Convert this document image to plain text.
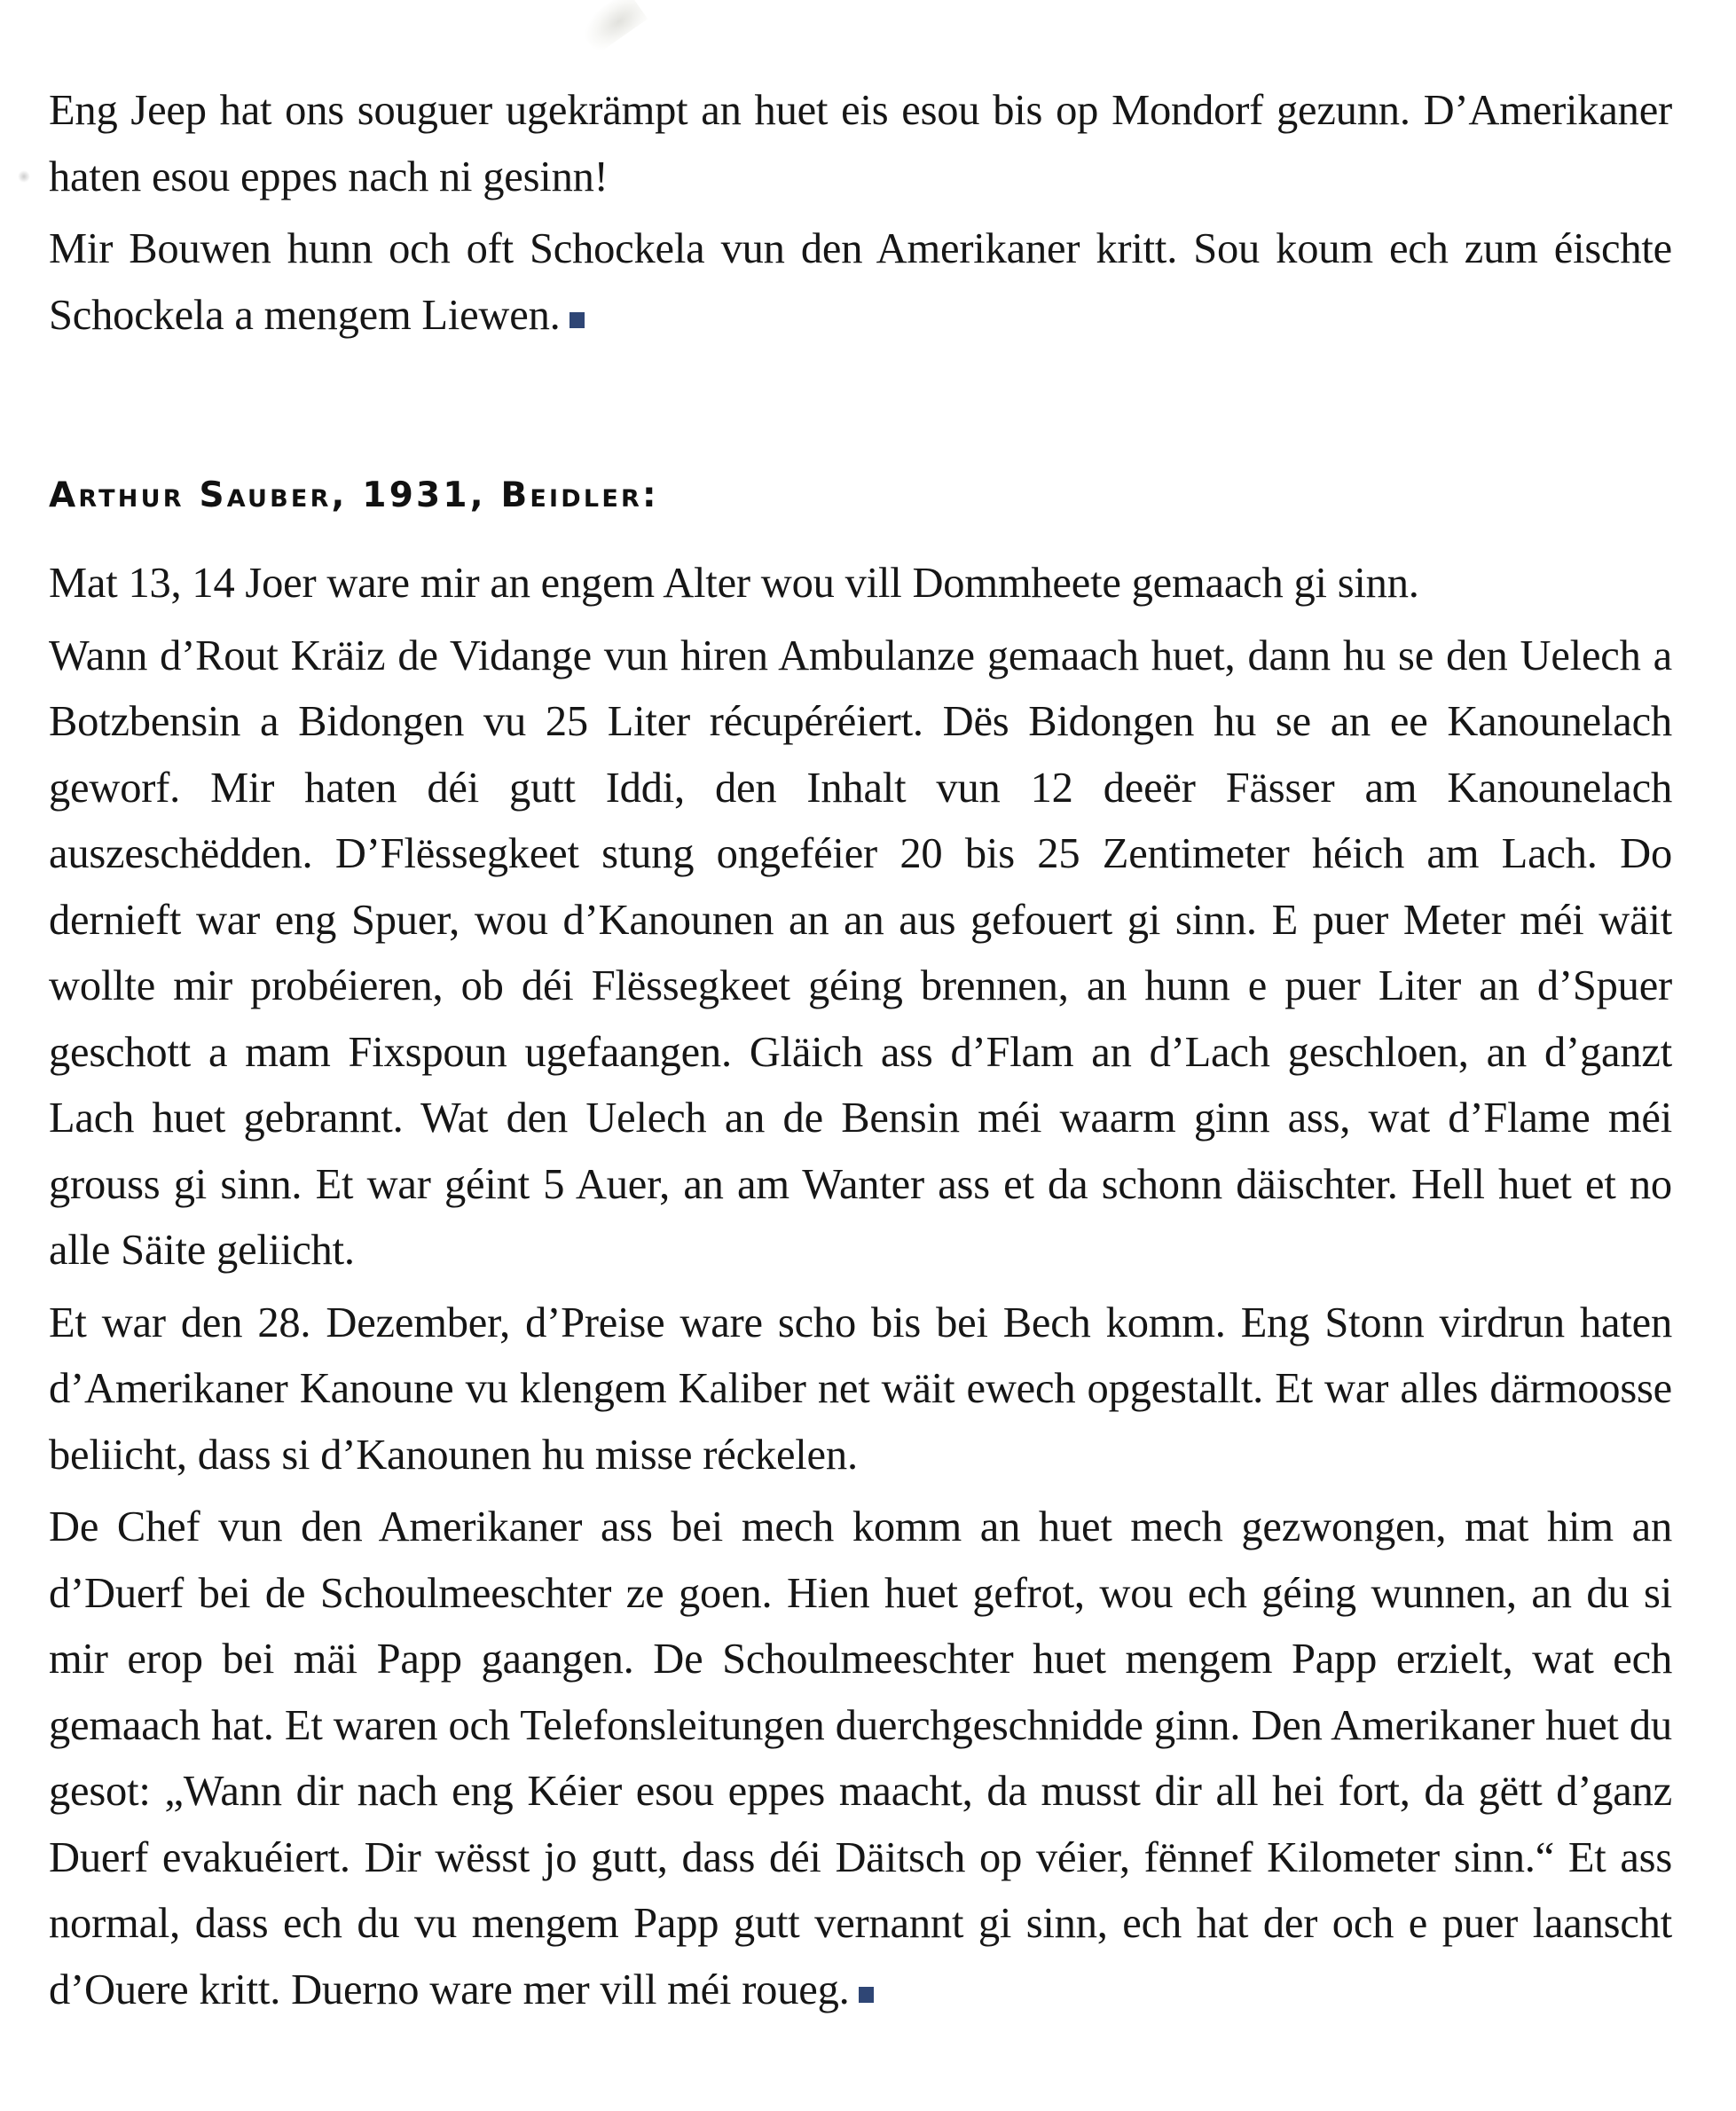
Eng Jeep hat ons souguer ugekrämpt an huet eis esou bis op Mondorf gezunn. D’Amerikaner haten esou eppes nach ni gesinn!

Mir Bouwen hunn och oft Schockela vun den Amerikaner kritt. Sou koum ech zum éischte Schockela a mengem Liewen.

Arthur Sauber, 1931, Beidler:

Mat 13, 14 Joer ware mir an engem Alter wou vill Dommheete gemaach gi sinn.

Wann d’Rout Kräiz de Vidange vun hiren Ambulanze gemaach huet, dann hu se den Uelech a Botzbensin a Bidongen vu 25 Liter récupéréiert. Dës Bidongen hu se an ee Kanounelach geworf. Mir haten déi gutt Iddi, den Inhalt vun 12 deeër Fässer am Kanounelach auszeschëdden. D’Flëssegkeet stung ongeféier 20 bis 25 Zentimeter héich am Lach. Do dernieft war eng Spuer, wou d’Kanounen an an aus gefouert gi sinn. E puer Meter méi wäit wollte mir probéieren, ob déi Flëssegkeet géing brennen, an hunn e puer Liter an d’Spuer geschott a mam Fixspoun ugefaangen. Gläich ass d’Flam an d’Lach geschloen, an d’ganzt Lach huet gebrannt. Wat den Uelech an de Bensin méi waarm ginn ass, wat d’Flame méi grouss gi sinn. Et war géint 5 Auer, an am Wanter ass et da schonn däischter. Hell huet et no alle Säite geliicht.

Et war den 28. Dezember, d’Preise ware scho bis bei Bech komm. Eng Stonn virdrun haten d’Amerikaner Kanoune vu klengem Kaliber net wäit ewech opgestallt. Et war alles därmoosse beliicht, dass si d’Kanounen hu misse réckelen.

De Chef vun den Amerikaner ass bei mech komm an huet mech gezwongen, mat him an d’Duerf bei de Schoulmeeschter ze goen. Hien huet gefrot, wou ech géing wunnen, an du si mir erop bei mäi Papp gaangen. De Schoulmeeschter huet mengem Papp erzielt, wat ech gemaach hat. Et waren och Telefonsleitungen duerchgeschnidde ginn. Den Amerikaner huet du gesot: „Wann dir nach eng Kéier esou eppes maacht, da musst dir all hei fort, da gëtt d’ganz Duerf evakuéiert. Dir wësst jo gutt, dass déi Däitsch op véier, fënnef Kilometer sinn.“ Et ass normal, dass ech du vu mengem Papp gutt vernannt gi sinn, ech hat der och e puer laanscht d’Ouere kritt. Duerno ware mer vill méi roueg.
